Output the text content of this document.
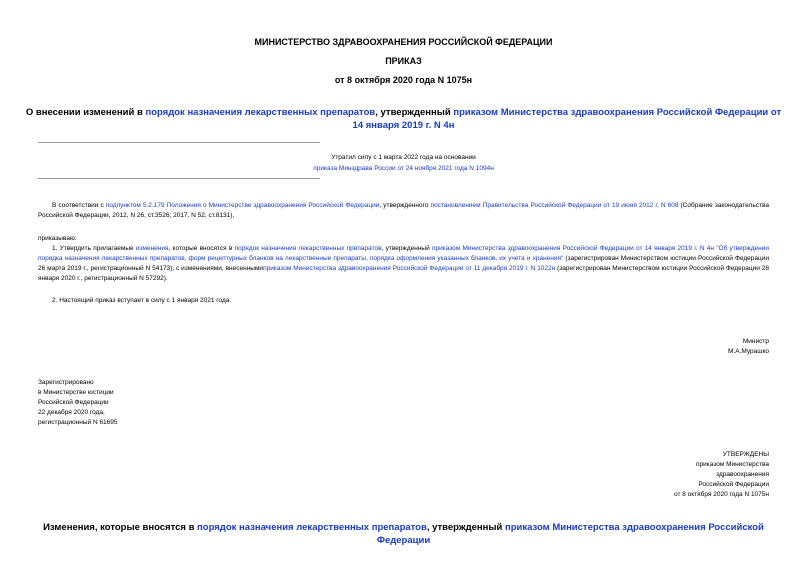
МИНИСТЕРСТВО ЗДРАВООХРАНЕНИЯ РОССИЙСКОЙ ФЕДЕРАЦИИ
ПРИКАЗ
от 8 октября 2020 года N 1075н
О внесении изменений в порядок назначения лекарственных препаратов, утвержденный приказом Министерства здравоохранения Российской Федерации от 14 января 2019 г. N 4н
Утратил силу с 1 марта 2022 года на основании
приказа Минздрава России от 24 ноября 2021 года N 1094н
В соответствии с подпунктом 5.2.179 Положения о Министерстве здравоохранения Российской Федерации, утвержденного постановлением Правительства Российской Федерации от 19 июня 2012 г. N 608 (Собрание законодательства Российской Федерации, 2012, N 26, ст.3526; 2017, N 52, ст.8131),
приказываю:
1. Утвердить прилагаемые изменения, которые вносятся в порядок назначения лекарственных препаратов, утвержденный приказом Министерства здравоохранения Российской Федерации от 14 января 2019 г. N 4н "Об утверждении порядка назначения лекарственных препаратов, форм рецептурных бланков на лекарственные препараты, порядка оформления указанных бланков, их учета и хранения" (зарегистрирован Министерством юстиции Российской Федерации 26 марта 2019 г., регистрационный N 54173), с изменениями, внесеннымиприказом Министерства здравоохранения Российской Федерации от 11 декабря 2019 г. N 1022н (зарегистрирован Министерством юстиции Российской Федерации 28 января 2020 г., регистрационный N 57292).
2. Настоящий приказ вступает в силу с 1 января 2021 года.
Министр
М.А.Мурашко
Зарегистрировано
в Министерстве юстиции
Российской Федерации
22 декабря 2020 года,
регистрационный N 61695
УТВЕРЖДЕНЫ
приказом Министерства
здравоохранения
Российской Федерации
от 8 октября 2020 года N 1075н
Изменения, которые вносятся в порядок назначения лекарственных препаратов, утвержденный приказом Министерства здравоохранения Российской Федерации
